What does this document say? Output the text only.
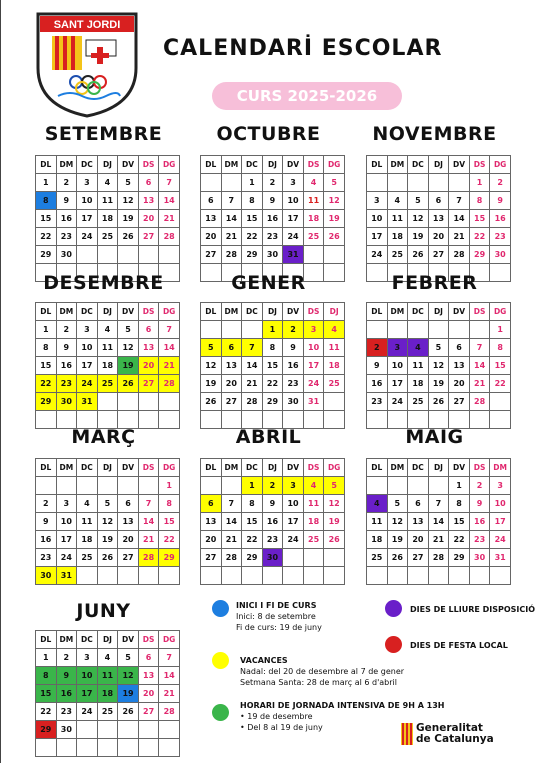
SANT JORDI
CALENDARİ ESCOLAR
CURS 2025-2026
SETEMBRE
DL	DM	DC	DJ	DV	DS	DG
1	2	3	4	5	6	7
8	9	10	11	12	13	14
15	16	17	18	19	20	21
22	23	24	25	26	27	28
29	30					

OCTUBRE
DL	DM	DC	DJ	DV	DS	DG
		1	2	3	4	5
6	7	8	9	10	11	12
13	14	15	16	17	18	19
20	21	22	23	24	25	26
27	28	29	30	31		

NOVEMBRE
DL	DM	DC	DJ	DV	DS	DG
					1	2
3	4	5	6	7	8	9
10	11	12	13	14	15	16
17	18	19	20	21	22	23
24	25	26	27	28	29	30

DESEMBRE
DL	DM	DC	DJ	DV	DS	DG
1	2	3	4	5	6	7
8	9	10	11	12	13	14
15	16	17	18	19	20	21
22	23	24	25	26	27	28
29	30	31				

GENER
DL	DM	DC	DJ	DV	DS	DJ
			1	2	3	4
5	6	7	8	9	10	11
12	13	14	15	16	17	18
19	20	21	22	23	24	25
26	27	28	29	30	31	

FEBRER
DL	DM	DC	DJ	DV	DS	DG
						1
2	3	4	5	6	7	8
9	10	11	12	13	14	15
16	17	18	19	20	21	22
23	24	25	26	27	28	

MARÇ
DL	DM	DC	DJ	DV	DS	DG
						1
2	3	4	5	6	7	8
9	10	11	12	13	14	15
16	17	18	19	20	21	22
23	24	25	26	27	28	29
30	31					
ABRIL
DL	DM	DC	DJ	DV	DS	DG
		1	2	3	4	5
6	7	8	9	10	11	12
13	14	15	16	17	18	19
20	21	22	23	24	25	26
27	28	29	30			

MAIG
DL	DM	DC	DJ	DV	DS	DM
				1	2	3
4	5	6	7	8	9	10
11	12	13	14	15	16	17
18	19	20	21	22	23	24
25	26	27	28	29	30	31

JUNY
DL	DM	DC	DJ	DV	DS	DG
1	2	3	4	5	6	7
8	9	10	11	12	13	14
15	16	17	18	19	20	21
22	23	24	25	26	27	28
29	30					

INICI I FI DE CURS
Inici: 8 de setembre
Fi de curs: 19 de juny
VACANCES
Nadal: del 20 de desembre al 7 de gener
Setmana Santa: 28 de març al 6 d'abril
HORARI DE JORNADA INTENSIVA DE 9H A 13H
• 19 de desembre
• Del 8 al 19 de juny
DIES DE LLIURE DISPOSICIÓ
DIES DE FESTA LOCAL
Generalitat
de Catalunya
